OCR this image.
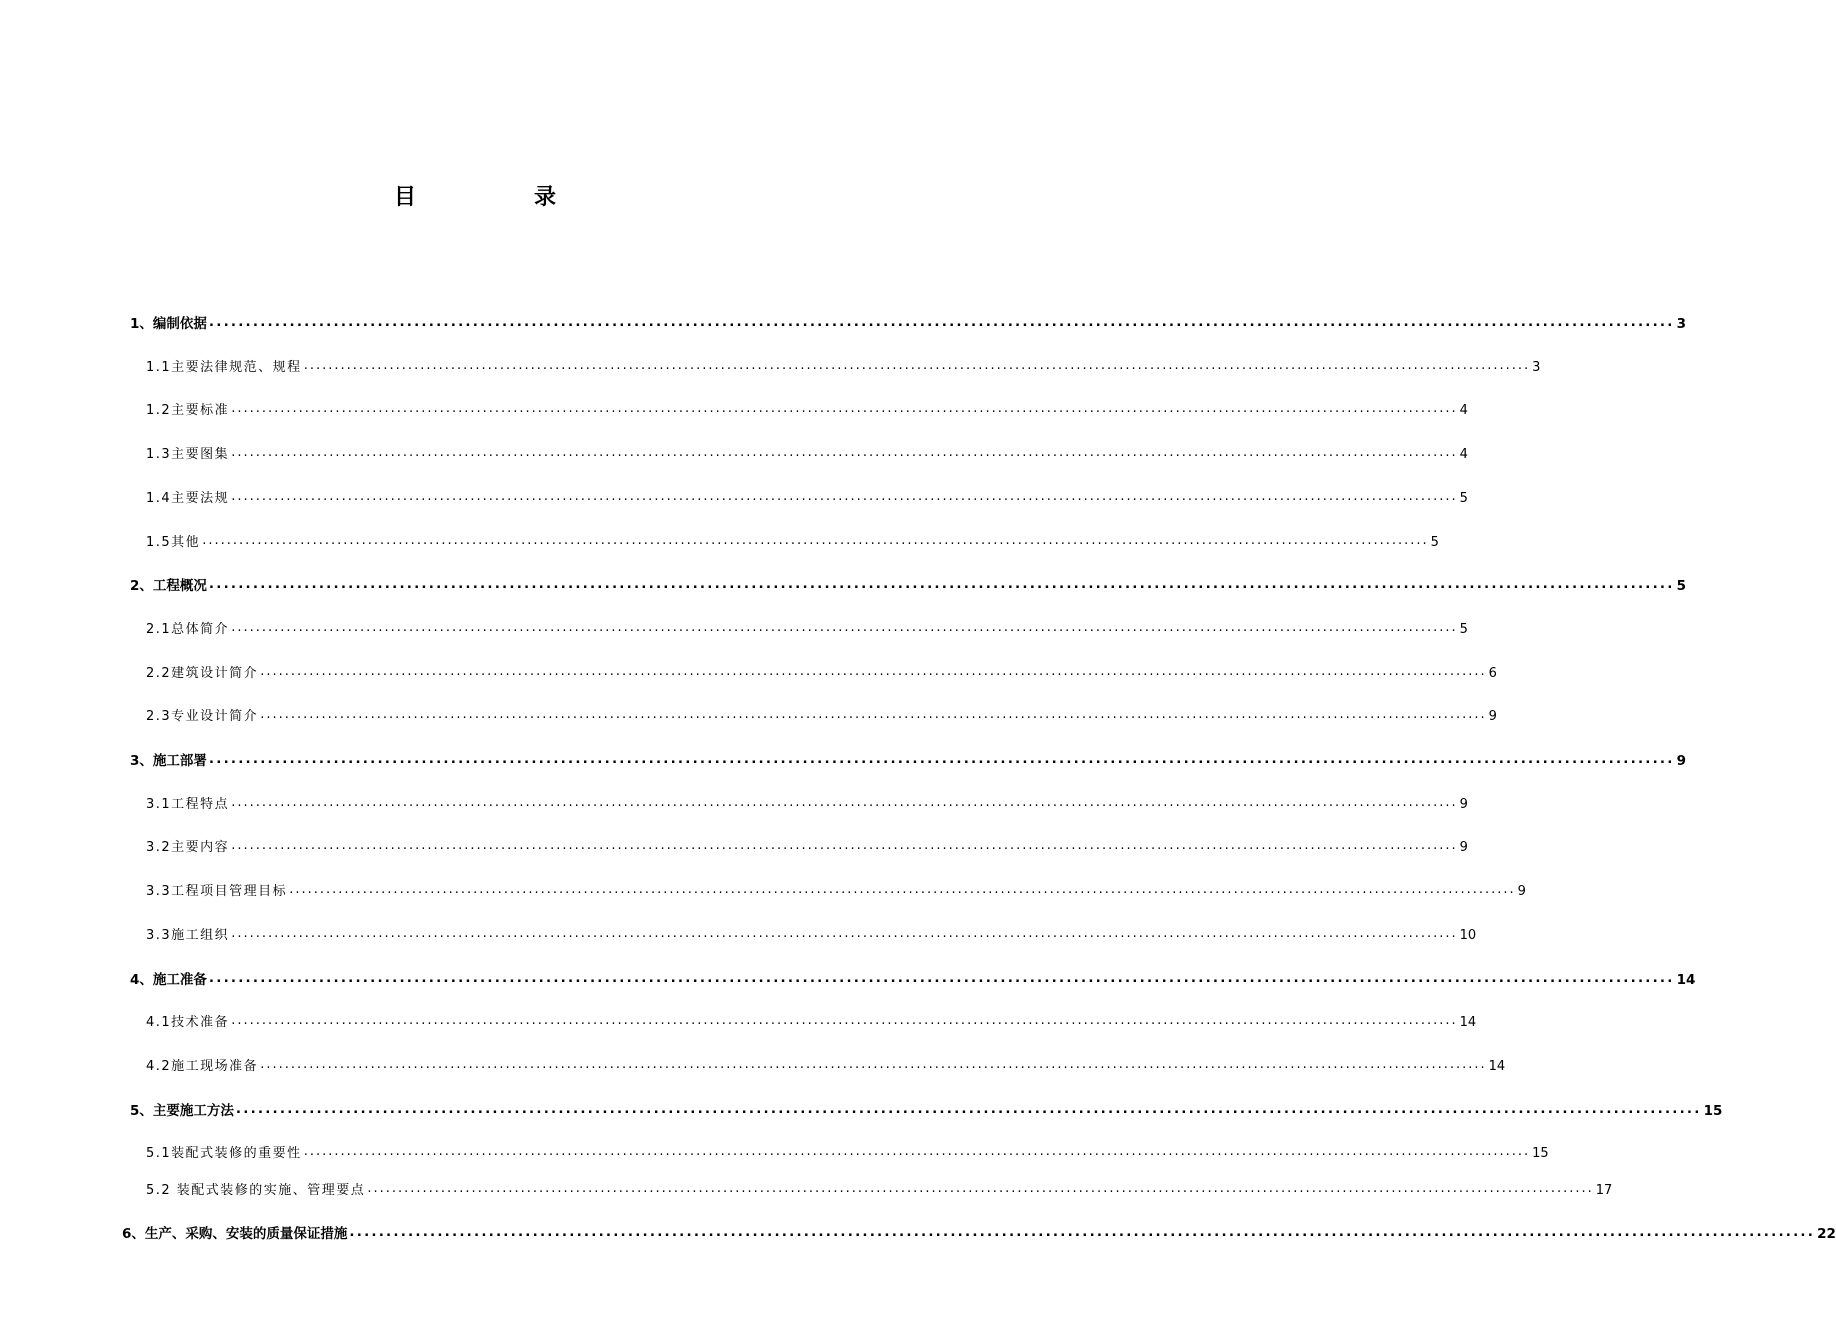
目　录
1、编制依据 ........................................................................................................................................................................................................ 3
1.1主要法律规范、规程 ........................................................................................................................................................................................................ 3
1.2主要标准 ........................................................................................................................................................................................................ 4
1.3主要图集 ........................................................................................................................................................................................................ 4
1.4主要法规 ........................................................................................................................................................................................................ 5
1.5其他 ........................................................................................................................................................................................................ 5
2、工程概况 ........................................................................................................................................................................................................ 5
2.1总体简介 ........................................................................................................................................................................................................ 5
2.2建筑设计简介 ........................................................................................................................................................................................................ 6
2.3专业设计简介 ........................................................................................................................................................................................................ 9
3、施工部署 ........................................................................................................................................................................................................ 9
3.1工程特点 ........................................................................................................................................................................................................ 9
3.2主要内容 ........................................................................................................................................................................................................ 9
3.3工程项目管理目标 ........................................................................................................................................................................................................ 9
3.3施工组织 ........................................................................................................................................................................................................ 10
4、施工准备 ........................................................................................................................................................................................................ 14
4.1技术准备 ........................................................................................................................................................................................................ 14
4.2施工现场准备 ........................................................................................................................................................................................................ 14
5、主要施工方法 ........................................................................................................................................................................................................ 15
5.1装配式装修的重要性 ........................................................................................................................................................................................................ 15
5.2 装配式装修的实施、管理要点 ........................................................................................................................................................................................................ 17
6、生产、采购、安装的质量保证措施 ........................................................................................................................................................................................................ 22
